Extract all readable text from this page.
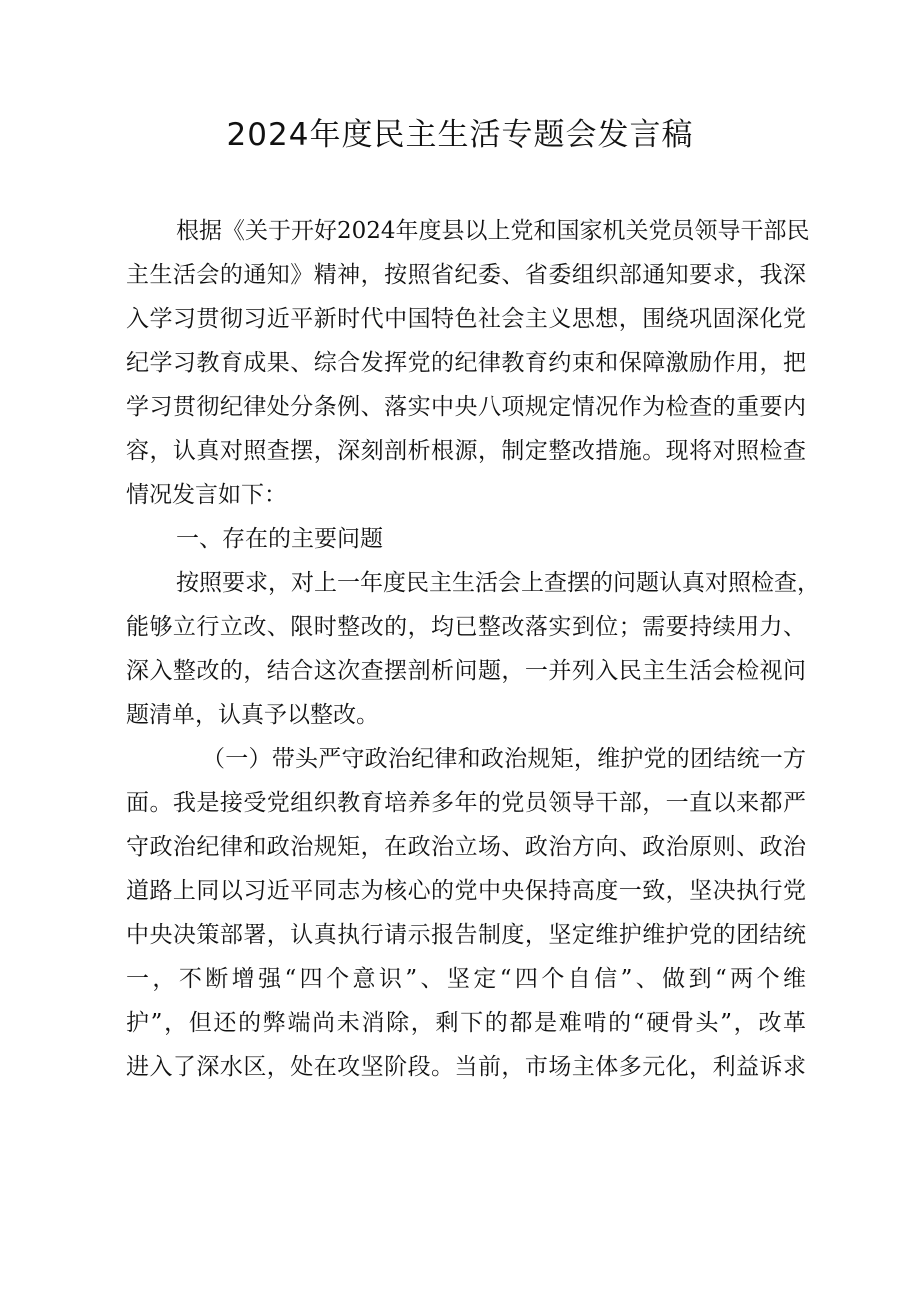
2024年度民主生活专题会发言稿
根据《关于开好2024年度县以上党和国家机关党员领导干部民
主生活会的通知》精神，按照省纪委、省委组织部通知要求，我深
入学习贯彻习近平新时代中国特色社会主义思想，围绕巩固深化党
纪学习教育成果、综合发挥党的纪律教育约束和保障激励作用，把
学习贯彻纪律处分条例、落实中央八项规定情况作为检查的重要内
容，认真对照查摆，深刻剖析根源，制定整改措施。现将对照检查
情况发言如下：
一、存在的主要问题
按照要求，对上一年度民主生活会上查摆的问题认真对照检查，
能够立行立改、限时整改的，均已整改落实到位；需要持续用力、
深入整改的，结合这次查摆剖析问题，一并列入民主生活会检视问
题清单，认真予以整改。
（一）带头严守政治纪律和政治规矩，维护党的团结统一方
面。我是接受党组织教育培养多年的党员领导干部，一直以来都严
守政治纪律和政治规矩，在政治立场、政治方向、政治原则、政治
道路上同以习近平同志为核心的党中央保持高度一致，坚决执行党
中央决策部署，认真执行请示报告制度，坚定维护维护党的团结统
一，不断增强“四个意识”、坚定“四个自信”、做到“两个维
护”，但还的弊端尚未消除，剩下的都是难啃的“硬骨头”，改革
进入了深水区，处在攻坚阶段。当前，市场主体多元化，利益诉求
